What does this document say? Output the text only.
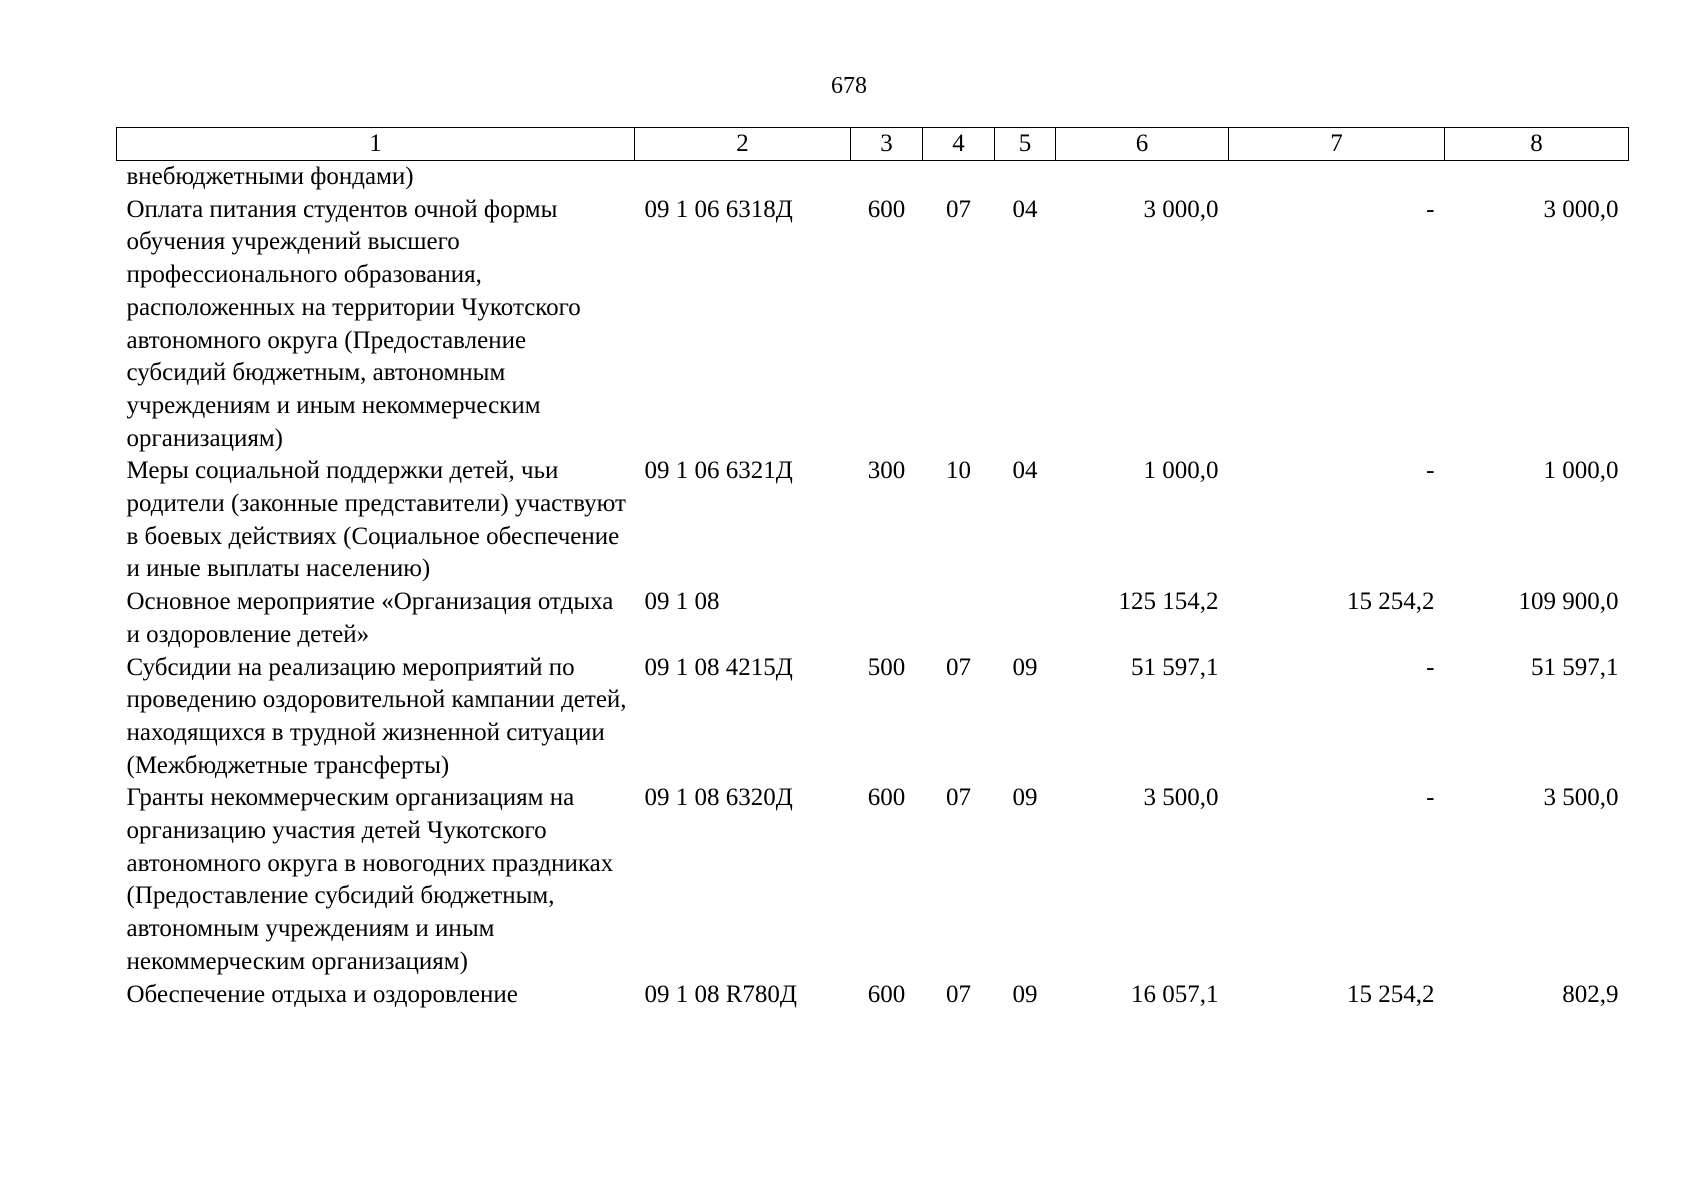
678
1	2	3	4	5	6	7	8
внебюджетными фондами)							
Оплата питания студентов очной формы обучения учреждений высшего профессионального образования, расположенных на территории Чукотского автономного округа (Предоставление субсидий бюджетным, автономным учреждениям и иным некоммерческим организациям)	09 1 06 6318Д	600	07	04	3 000,0	-	3 000,0
Меры социальной поддержки детей, чьи родители (законные представители) участвуют в боевых действиях (Социальное обеспечение и иные выплаты населению)	09 1 06 6321Д	300	10	04	1 000,0	-	1 000,0
Основное мероприятие «Организация отдыха и оздоровление детей»	09 1 08				125 154,2	15 254,2	109 900,0
Субсидии на реализацию мероприятий по проведению оздоровительной кампании детей, находящихся в трудной жизненной ситуации (Межбюджетные трансферты)	09 1 08 4215Д	500	07	09	51 597,1	-	51 597,1
Гранты некоммерческим организациям на организацию участия детей Чукотского автономного округа в новогодних праздниках (Предоставление субсидий бюджетным, автономным учреждениям и иным некоммерческим организациям)	09 1 08 6320Д	600	07	09	3 500,0	-	3 500,0
Обеспечение отдыха и оздоровление	09 1 08 R780Д	600	07	09	16 057,1	15 254,2	802,9
